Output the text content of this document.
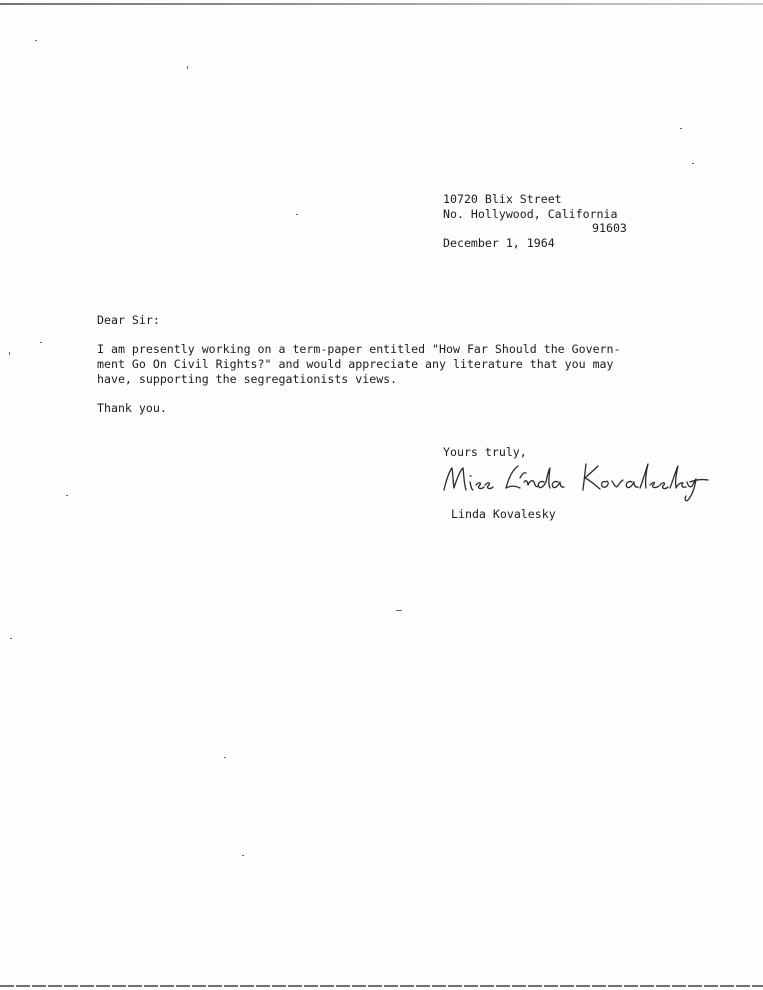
10720 Blix Street
No. Hollywood, California
91603
December 1, 1964
Dear Sir:
I am presently working on a term-paper entitled "How Far Should the Govern-
ment Go On Civil Rights?" and would appreciate any literature that you may
have, supporting the segregationists views.
Thank you.
Yours truly,
Linda Kovalesky
